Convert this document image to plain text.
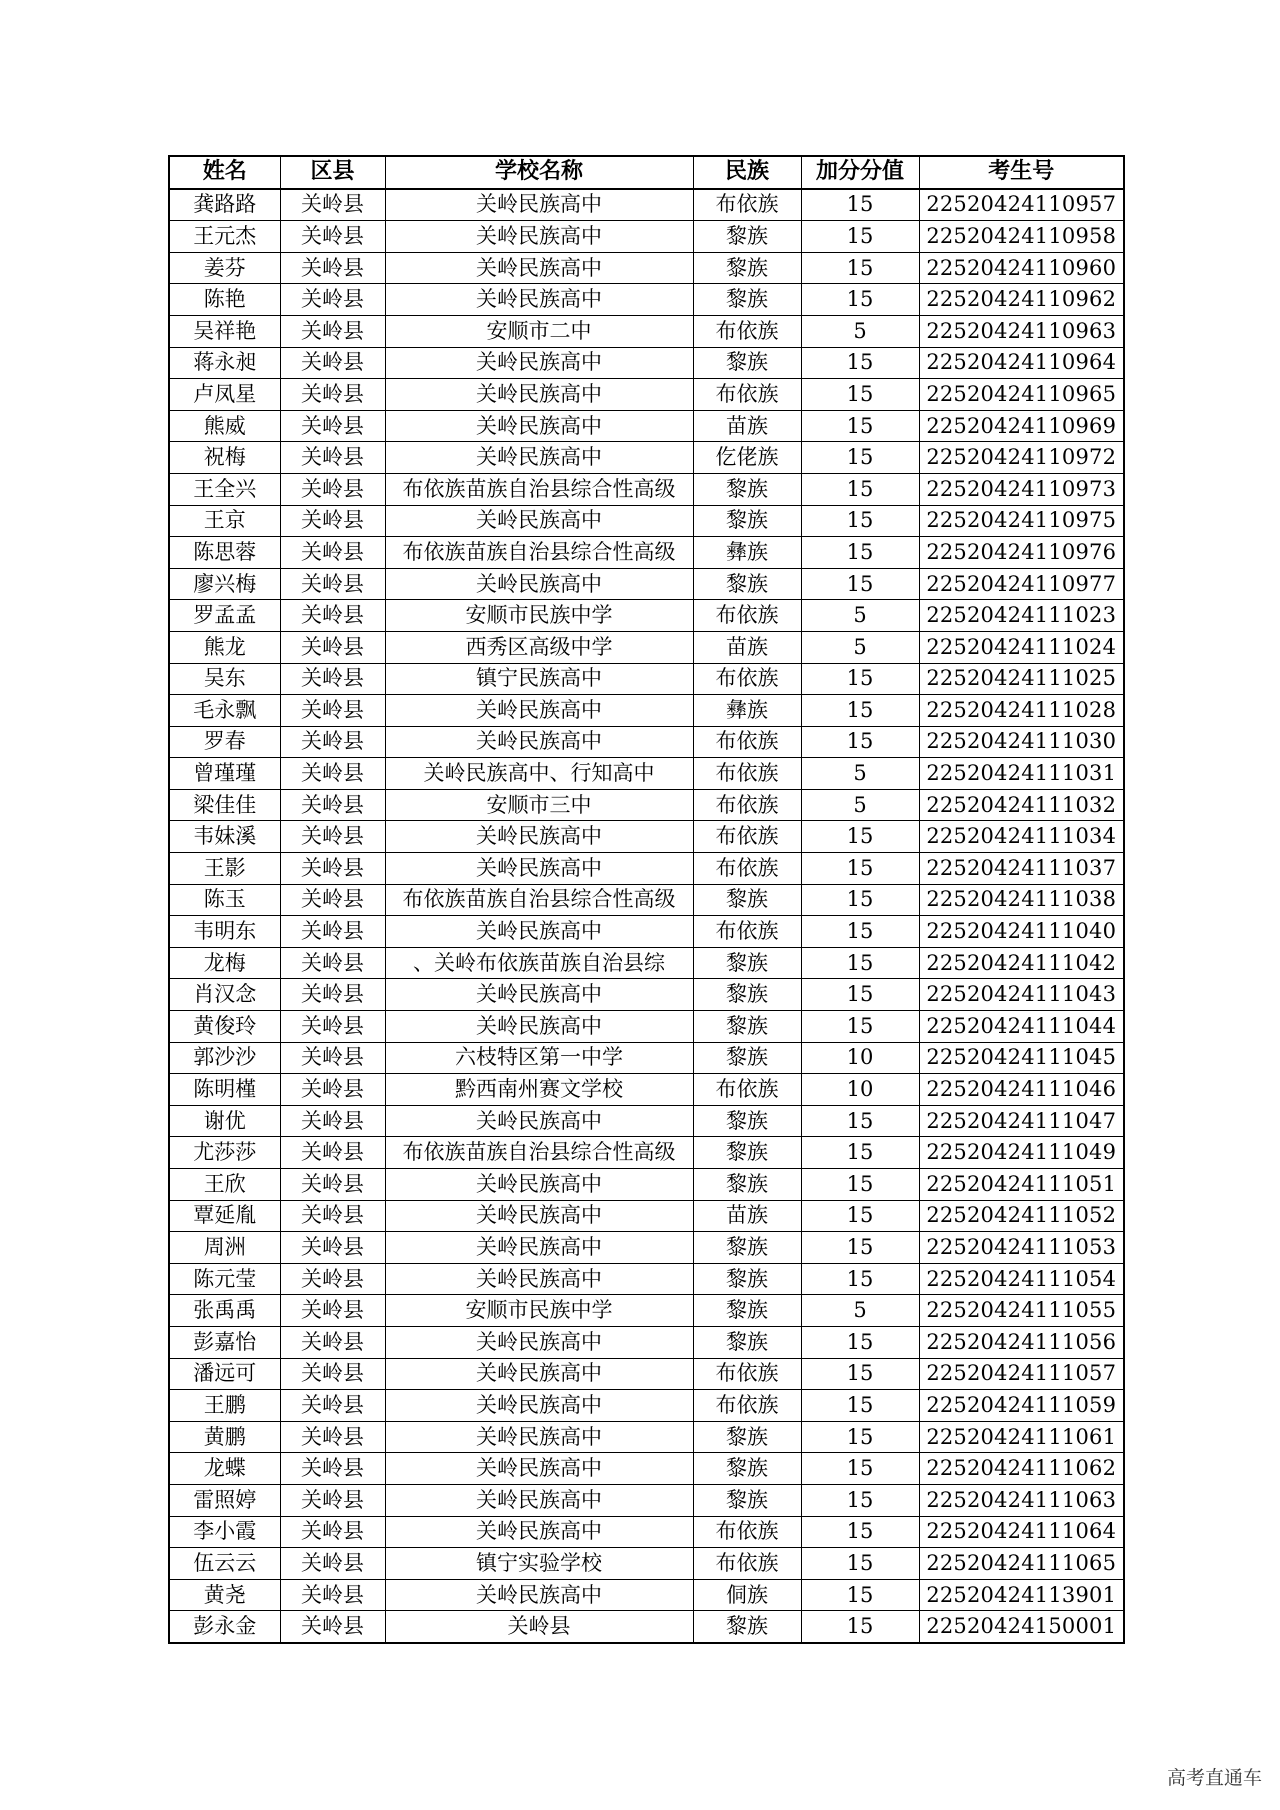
姓名	区县	学校名称	民族	加分分值	考生号
龚路路	关岭县	关岭民族高中	布依族	15	22520424110957
王元杰	关岭县	关岭民族高中	黎族	15	22520424110958
姜芬	关岭县	关岭民族高中	黎族	15	22520424110960
陈艳	关岭县	关岭民族高中	黎族	15	22520424110962
吴祥艳	关岭县	安顺市二中	布依族	5	22520424110963
蒋永昶	关岭县	关岭民族高中	黎族	15	22520424110964
卢凤星	关岭县	关岭民族高中	布依族	15	22520424110965
熊威	关岭县	关岭民族高中	苗族	15	22520424110969
祝梅	关岭县	关岭民族高中	仡佬族	15	22520424110972
王全兴	关岭县	布依族苗族自治县综合性高级	黎族	15	22520424110973
王京	关岭县	关岭民族高中	黎族	15	22520424110975
陈思蓉	关岭县	布依族苗族自治县综合性高级	彝族	15	22520424110976
廖兴梅	关岭县	关岭民族高中	黎族	15	22520424110977
罗孟孟	关岭县	安顺市民族中学	布依族	5	22520424111023
熊龙	关岭县	西秀区高级中学	苗族	5	22520424111024
吴东	关岭县	镇宁民族高中	布依族	15	22520424111025
毛永飘	关岭县	关岭民族高中	彝族	15	22520424111028
罗春	关岭县	关岭民族高中	布依族	15	22520424111030
曾瑾瑾	关岭县	关岭民族高中、行知高中	布依族	5	22520424111031
梁佳佳	关岭县	安顺市三中	布依族	5	22520424111032
韦妹溪	关岭县	关岭民族高中	布依族	15	22520424111034
王影	关岭县	关岭民族高中	布依族	15	22520424111037
陈玉	关岭县	布依族苗族自治县综合性高级	黎族	15	22520424111038
韦明东	关岭县	关岭民族高中	布依族	15	22520424111040
龙梅	关岭县	、关岭布依族苗族自治县综	黎族	15	22520424111042
肖汉念	关岭县	关岭民族高中	黎族	15	22520424111043
黄俊玲	关岭县	关岭民族高中	黎族	15	22520424111044
郭沙沙	关岭县	六枝特区第一中学	黎族	10	22520424111045
陈明槿	关岭县	黔西南州赛文学校	布依族	10	22520424111046
谢优	关岭县	关岭民族高中	黎族	15	22520424111047
尤莎莎	关岭县	布依族苗族自治县综合性高级	黎族	15	22520424111049
王欣	关岭县	关岭民族高中	黎族	15	22520424111051
覃延胤	关岭县	关岭民族高中	苗族	15	22520424111052
周洲	关岭县	关岭民族高中	黎族	15	22520424111053
陈元莹	关岭县	关岭民族高中	黎族	15	22520424111054
张禹禹	关岭县	安顺市民族中学	黎族	5	22520424111055
彭嘉怡	关岭县	关岭民族高中	黎族	15	22520424111056
潘远可	关岭县	关岭民族高中	布依族	15	22520424111057
王鹏	关岭县	关岭民族高中	布依族	15	22520424111059
黄鹏	关岭县	关岭民族高中	黎族	15	22520424111061
龙蝶	关岭县	关岭民族高中	黎族	15	22520424111062
雷照婷	关岭县	关岭民族高中	黎族	15	22520424111063
李小霞	关岭县	关岭民族高中	布依族	15	22520424111064
伍云云	关岭县	镇宁实验学校	布依族	15	22520424111065
黄尧	关岭县	关岭民族高中	侗族	15	22520424113901
彭永金	关岭县	关岭县	黎族	15	22520424150001
高考直通车
